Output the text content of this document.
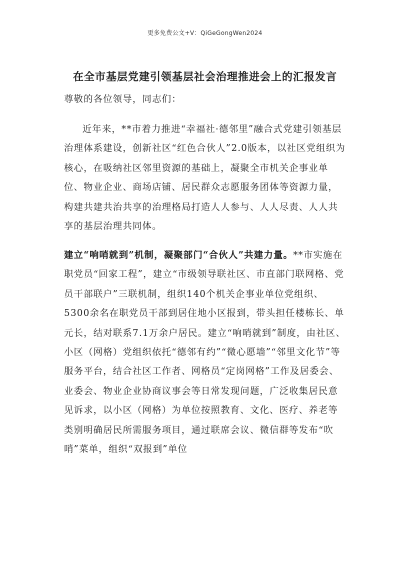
更多免费公文+V：QiGeGongWen2024
在全市基层党建引领基层社会治理推进会上的汇报发言

尊敬的各位领导，同志们：

近年来，**市着力推进“幸福社·德邻里”融合式党建引领基层治理体系建设，创新社区“红色合伙人”2.0版本，以社区党组织为核心，在吸纳社区邻里资源的基础上，凝聚全市机关企事业单位、物业企业、商场店铺、居民群众志愿服务团体等资源力量，构建共建共治共享的治理格局打造人人参与、人人尽责、人人共享的基层治理共同体。

建立“响哨就到”机制，凝聚部门“合伙人”共建力量。**市实施在职党员“回家工程”，建立“市级领导联社区、市直部门联网格、党员干部联户”三联机制，组织140个机关企事业单位党组织、5300余名在职党员干部到居住地小区报到，带头担任楼栋长、单元长，结对联系7.1万余户居民。建立“响哨就到”制度，由社区、小区（网格）党组织依托“德邻有约”“微心愿墙”“邻里文化节”等服务平台，结合社区工作者、网格员“定岗网格”工作及居委会、业委会、物业企业协商议事会等日常发现问题，广泛收集居民意见诉求，以小区（网格）为单位按照教育、文化、医疗、养老等类别明确居民所需服务项目，通过联席会议、微信群等发布“吹哨”菜单，组织“双报到”单位
